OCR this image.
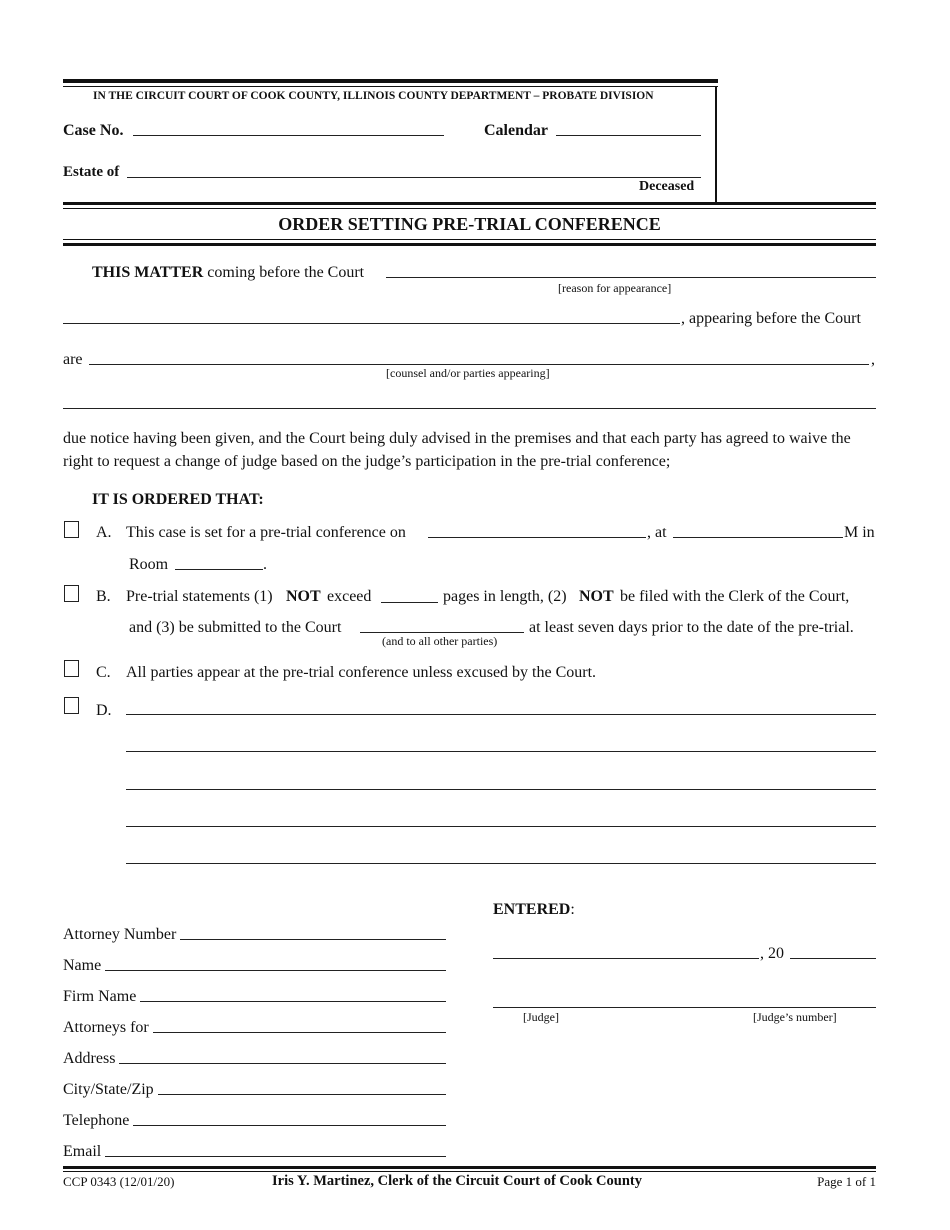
IN THE CIRCUIT COURT OF COOK COUNTY, ILLINOIS COUNTY DEPARTMENT – PROBATE DIVISION
Case No.	Calendar
Estate of
Deceased
ORDER SETTING PRE-TRIAL CONFERENCE
THIS MATTER coming before the Court
[reason for appearance]
, appearing before the Court
are	,
[counsel and/or parties appearing]
due notice having been given, and the Court being duly advised in the premises and that each party has agreed to waive the right to request a change of judge based on the judge’s participation in the pre-trial conference;
IT IS ORDERED THAT:
A. This case is set for a pre-trial conference on	, at	M in
Room	.
B. Pre-trial statements (1) NOT exceed	pages in length, (2) NOT be filed with the Clerk of the Court,
and (3) be submitted to the Court
(and to all other parties)
at least seven days prior to the date of the pre-trial.
C. All parties appear at the pre-trial conference unless excused by the Court.
D.
Attorney Number
Name
Firm Name
Attorneys for
Address
City/State/Zip
Telephone
Email
ENTERED:
, 20
[Judge]	[Judge’s number]
CCP 0343 (12/01/20)	Iris Y. Martinez, Clerk of the Circuit Court of Cook County	Page 1 of 1
